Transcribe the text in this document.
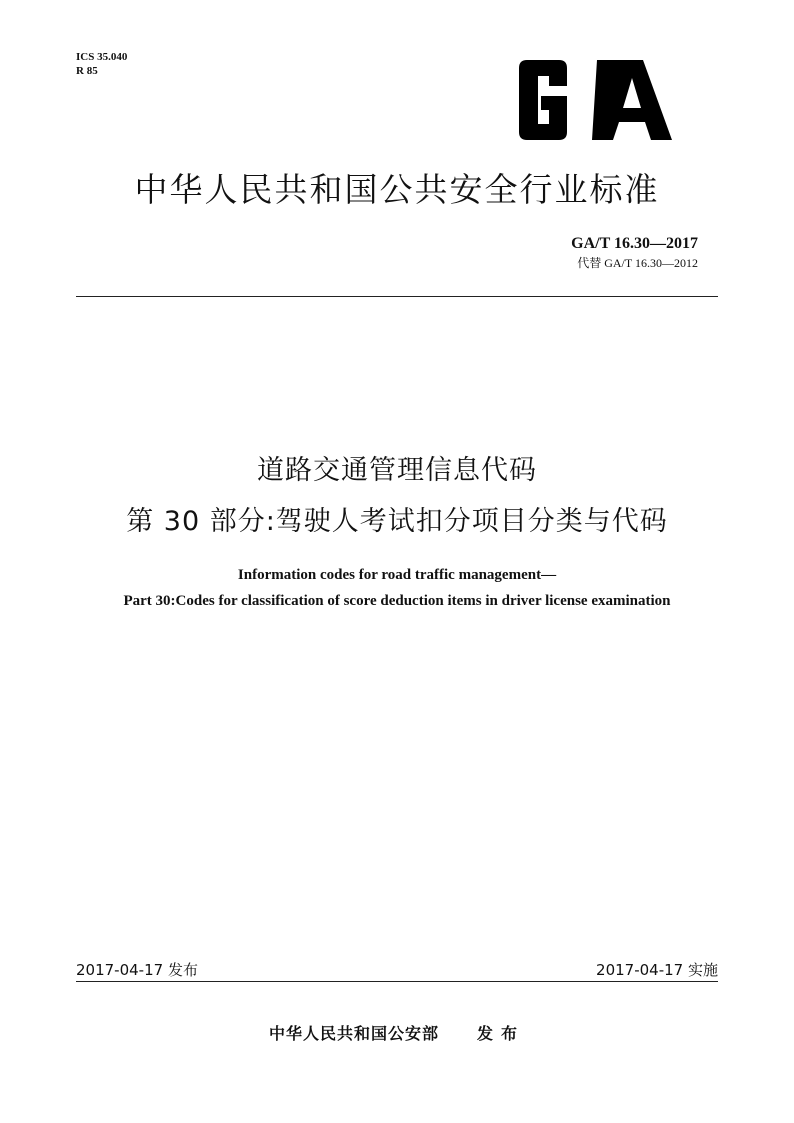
ICS 35.040
R 85
中华人民共和国公共安全行业标准
GA/T 16.30—2017
代替 GA/T 16.30—2012
道路交通管理信息代码
第 30 部分:驾驶人考试扣分项目分类与代码
Information codes for road traffic management—
Part 30:Codes for classification of score deduction items in driver license examination
2017-04-17 发布	2017-04-17 实施
中华人民共和国公安部 发布
